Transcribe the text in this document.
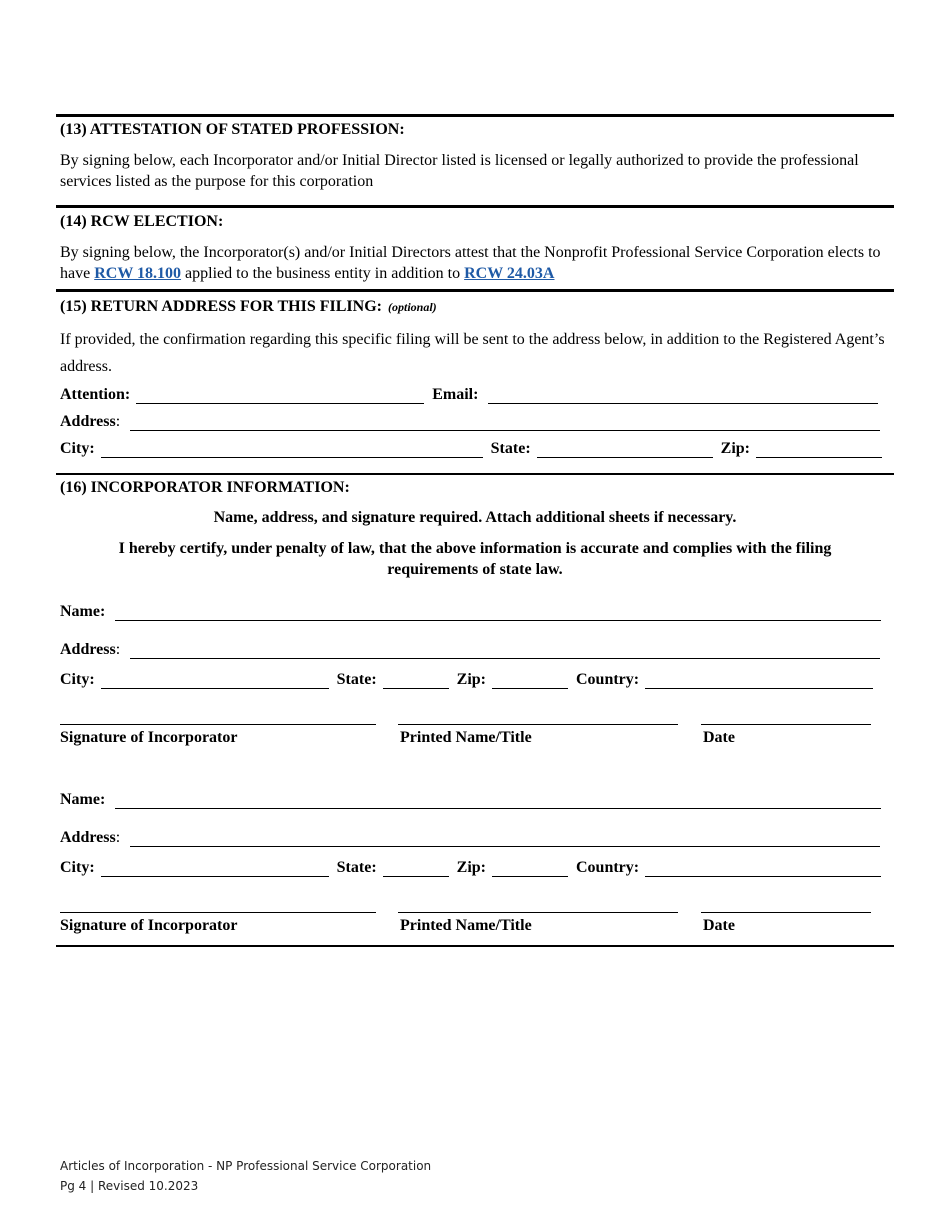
(13) ATTESTATION OF STATED PROFESSION:
By signing below, each Incorporator and/or Initial Director listed is licensed or legally authorized to provide the professional services listed as the purpose for this corporation
(14) RCW ELECTION:
By signing below, the Incorporator(s) and/or Initial Directors attest that the Nonprofit Professional Service Corporation elects to have RCW 18.100 applied to the business entity in addition to RCW 24.03A
(15) RETURN ADDRESS FOR THIS FILING: (optional)
If provided, the confirmation regarding this specific filing will be sent to the address below, in addition to the Registered Agent’s address.
Attention:	Email:
Address :
City:	State:	Zip:
(16) INCORPORATOR INFORMATION:
Name, address, and signature required. Attach additional sheets if necessary.
I hereby certify, under penalty of law, that the above information is accurate and complies with the filing requirements of state law.
Name:
Address :
City:	State:	Zip:	Country:
Signature of Incorporator	Printed Name/Title	Date
Name:
Address :
City:	State:	Zip:	Country:
Signature of Incorporator	Printed Name/Title	Date
Articles of Incorporation - NP Professional Service Corporation
Pg 4 | Revised 10.2023
